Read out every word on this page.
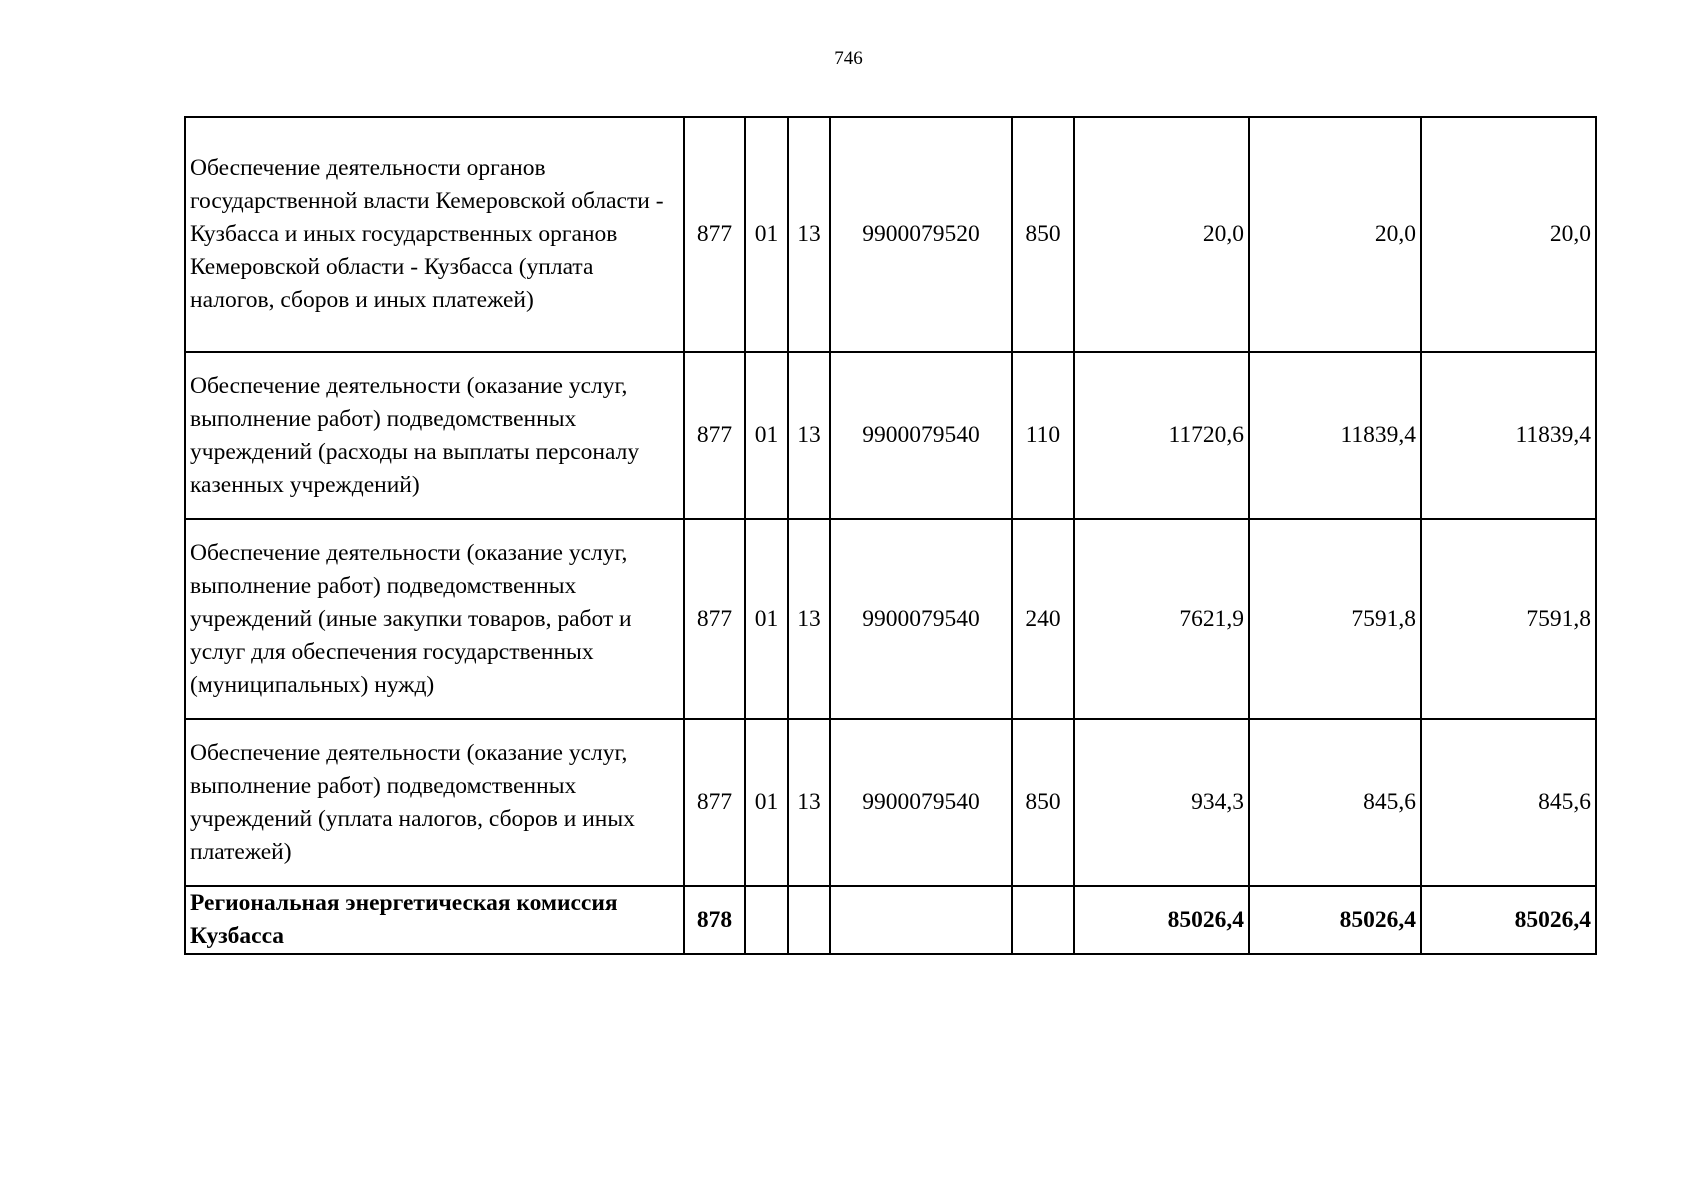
746
Обеспечение деятельности органов государственной власти Кемеровской области - Кузбасса и иных государственных органов Кемеровской области - Кузбасса (уплата налогов, сборов и иных платежей)	877	01	13	9900079520	850	20,0	20,0	20,0
Обеспечение деятельности (оказание услуг, выполнение работ) подведомственных учреждений (расходы на выплаты персоналу казенных учреждений)	877	01	13	9900079540	110	11720,6	11839,4	11839,4
Обеспечение деятельности (оказание услуг, выполнение работ) подведомственных учреждений (иные закупки товаров, работ и услуг для обеспечения государственных (муниципальных) нужд)	877	01	13	9900079540	240	7621,9	7591,8	7591,8
Обеспечение деятельности (оказание услуг, выполнение работ) подведомственных учреждений (уплата налогов, сборов и иных платежей)	877	01	13	9900079540	850	934,3	845,6	845,6
Региональная энергетическая комиссия Кузбасса	878					85026,4	85026,4	85026,4
